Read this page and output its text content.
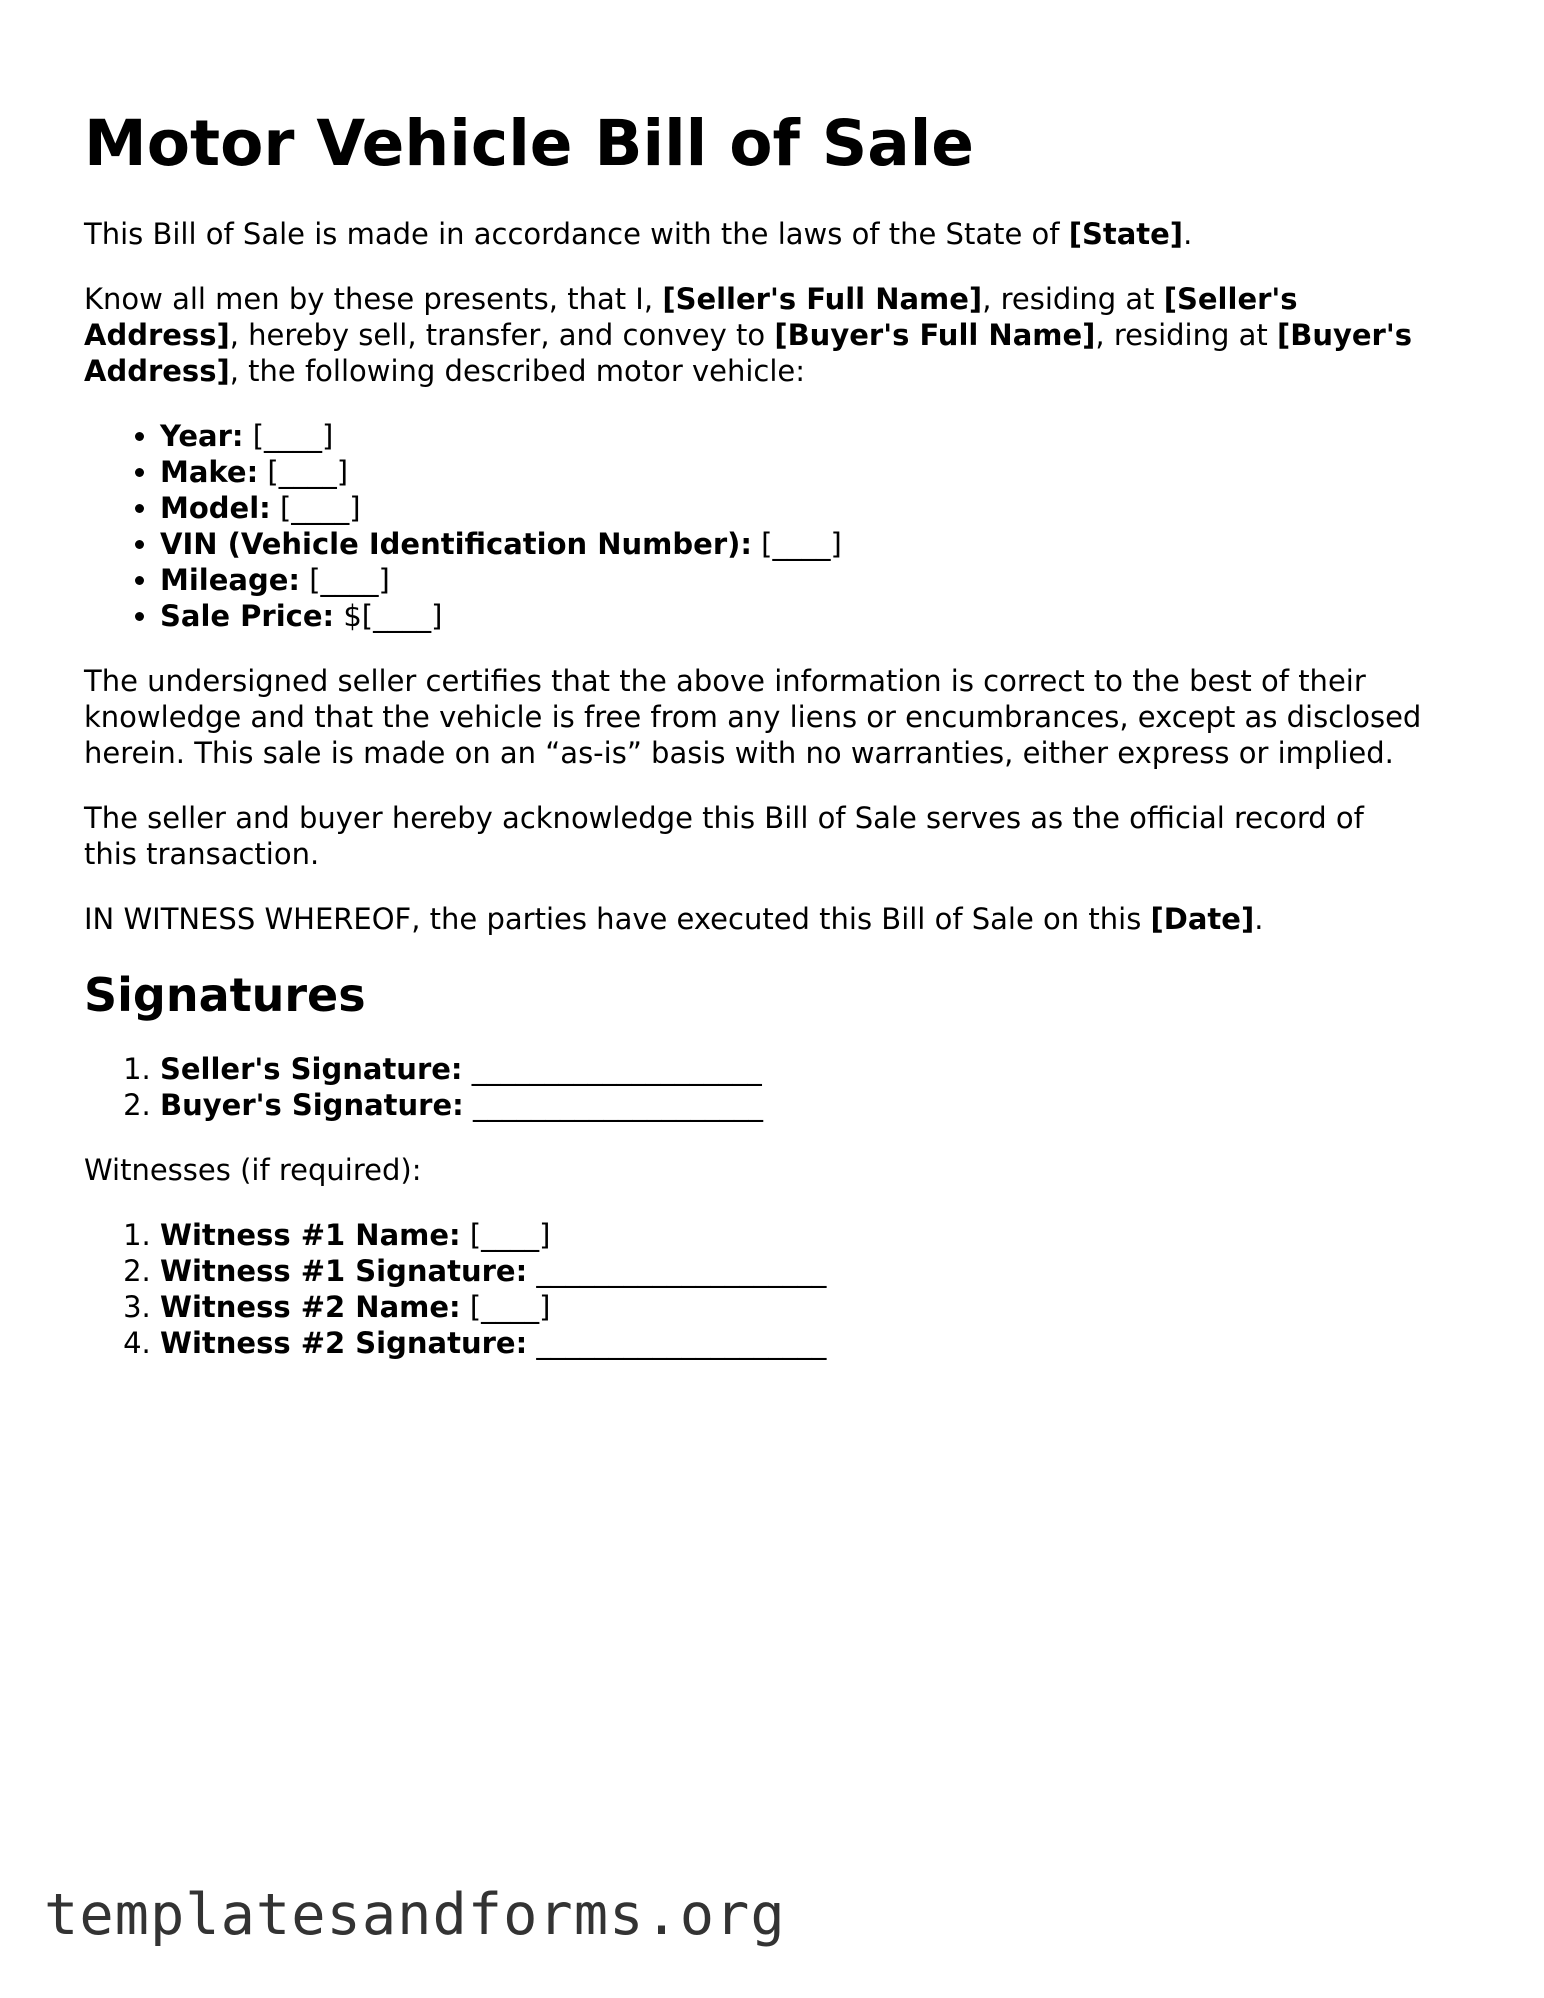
Motor Vehicle Bill of Sale

This Bill of Sale is made in accordance with the laws of the State of [State].

Know all men by these presents, that I, [Seller's Full Name], residing at [Seller's Address], hereby sell, transfer, and convey to [Buyer's Full Name], residing at [Buyer's Address], the following described motor vehicle:

• Year: [____]
• Make: [____]
• Model: [____]
• VIN (Vehicle Identification Number): [____]
• Mileage: [____]
• Sale Price: $[____]

The undersigned seller certifies that the above information is correct to the best of their knowledge and that the vehicle is free from any liens or encumbrances, except as disclosed herein. This sale is made on an “as-is” basis with no warranties, either express or implied.

The seller and buyer hereby acknowledge this Bill of Sale serves as the official record of this transaction.

IN WITNESS WHEREOF, the parties have executed this Bill of Sale on this [Date].

Signatures
1. Seller's Signature: ____________________
2. Buyer's Signature: ____________________

Witnesses (if required):

1. Witness #1 Name: [____]
2. Witness #1 Signature: ____________________
3. Witness #2 Name: [____]
4. Witness #2 Signature: ____________________
templatesandforms.org
